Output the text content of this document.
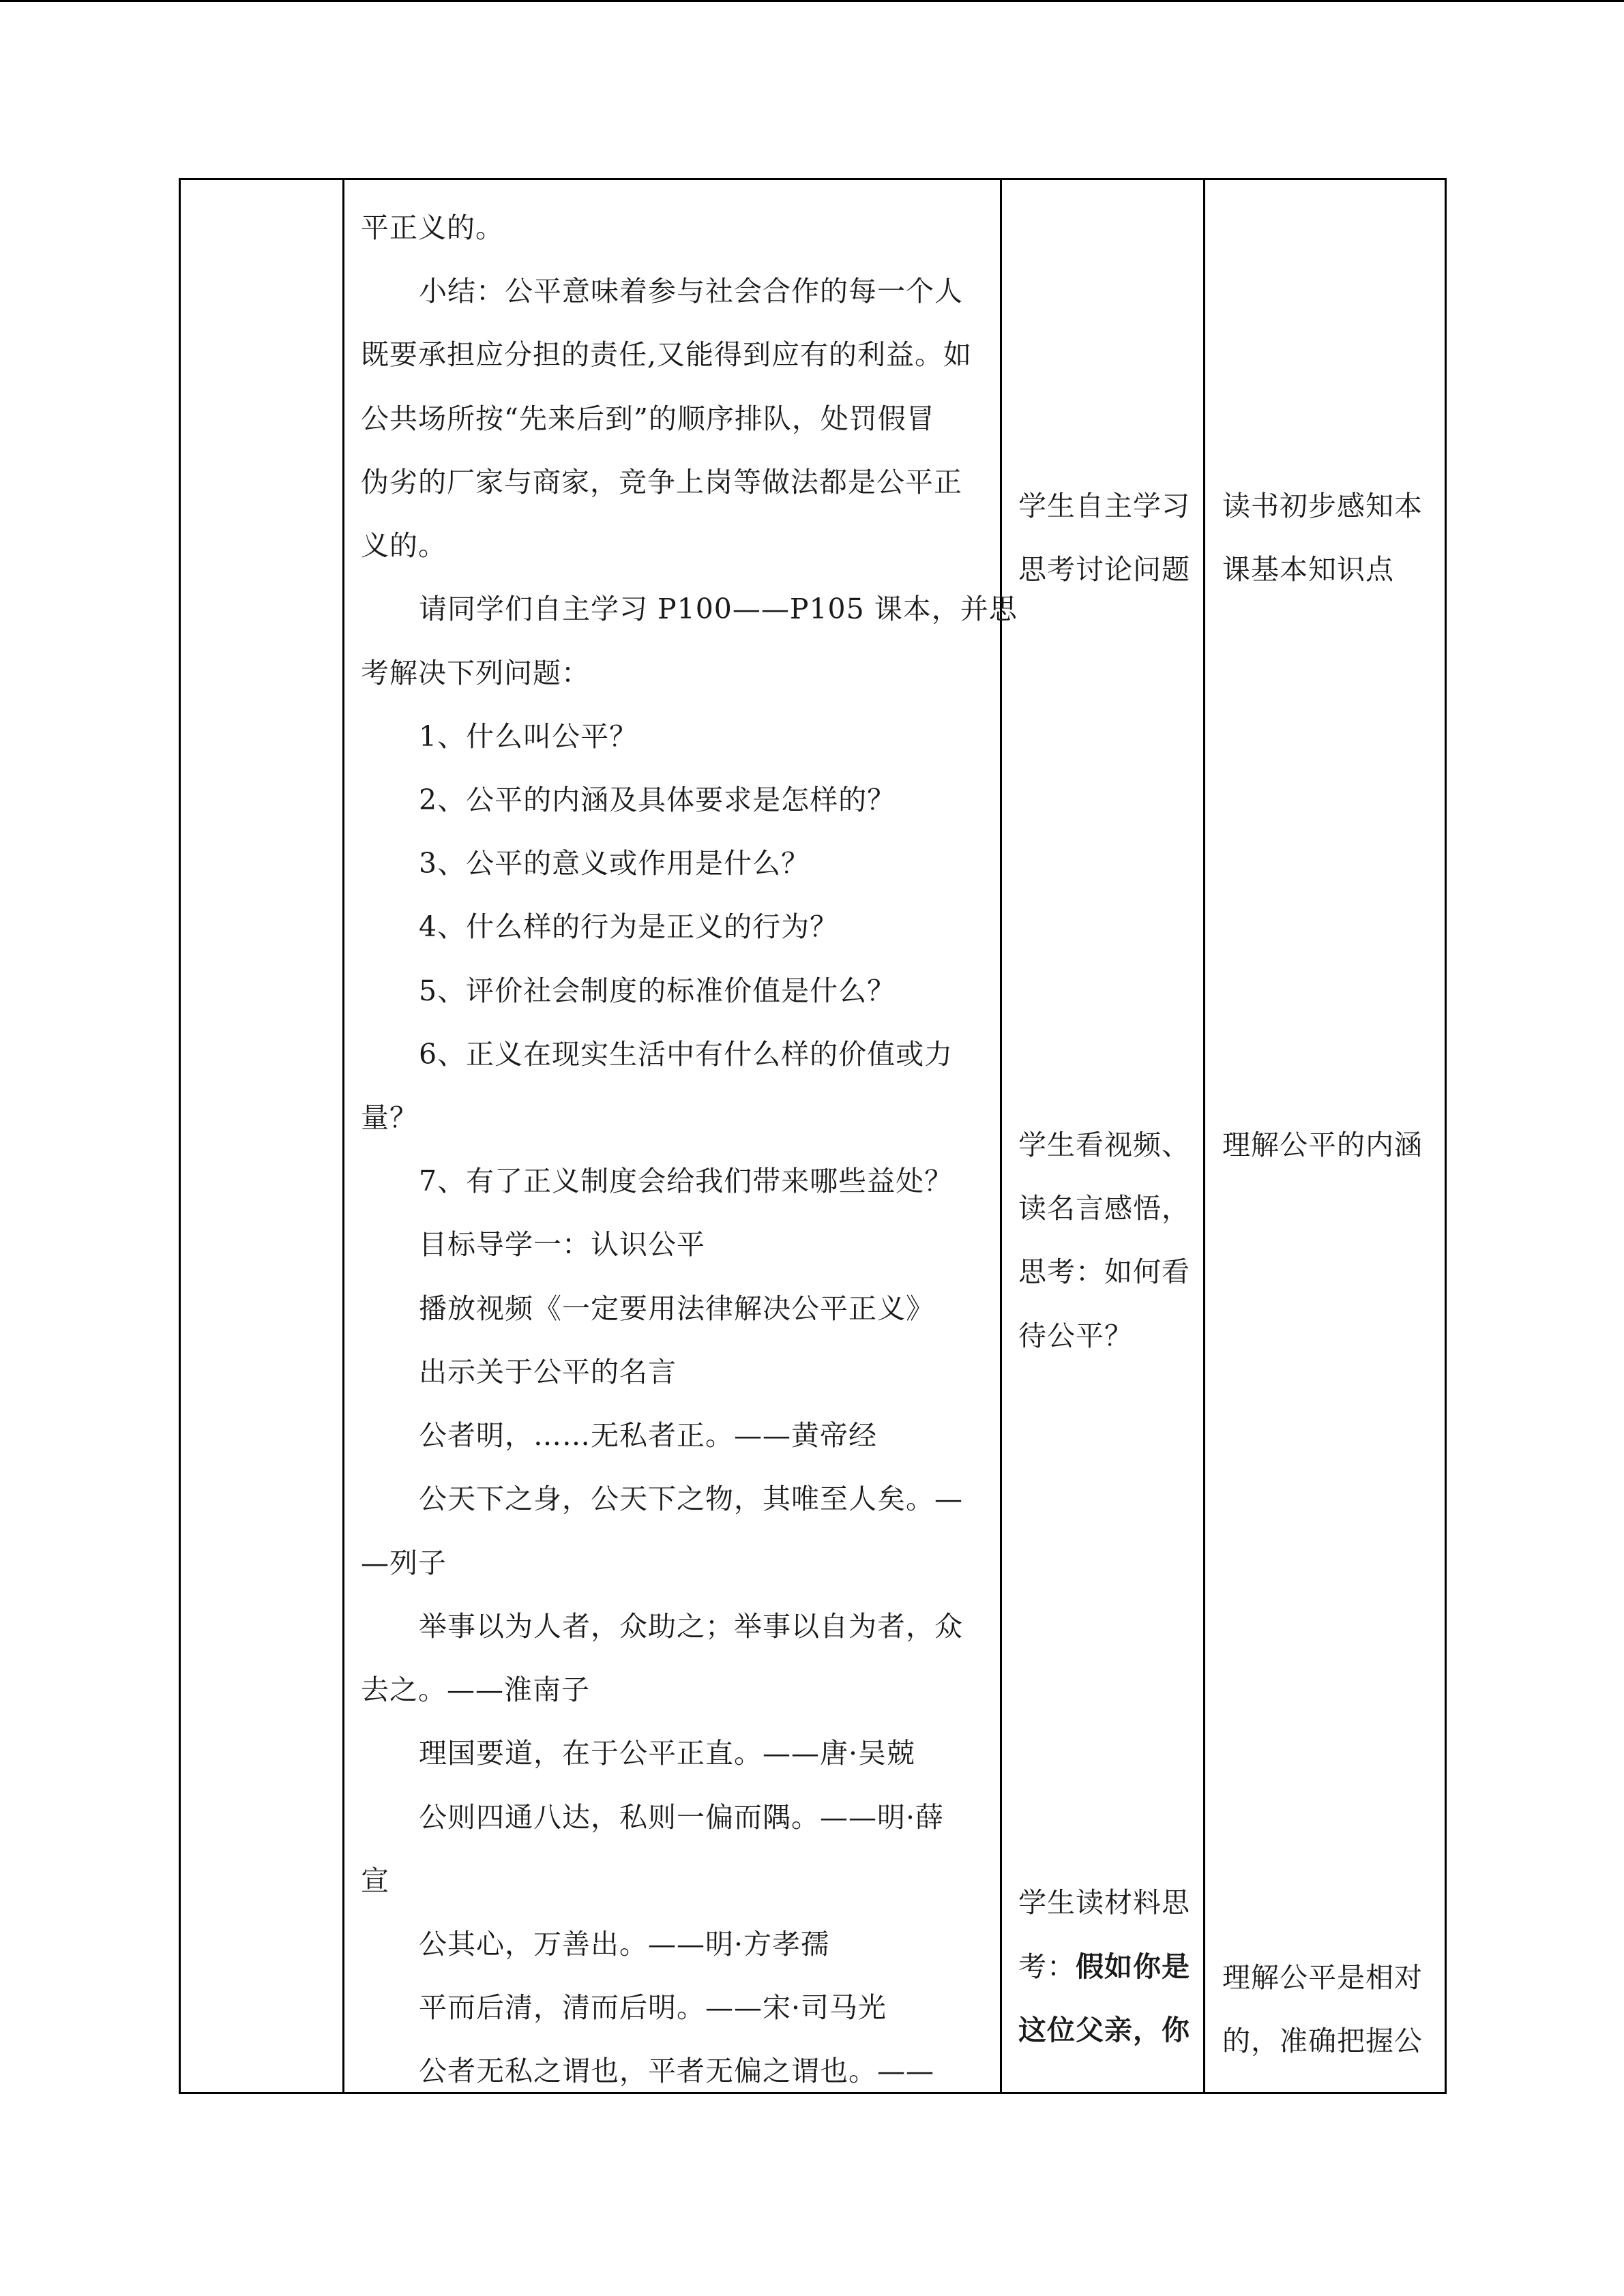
平正义的。
小结：公平意味着参与社会合作的每一个人
既要承担应分担的责任,又能得到应有的利益。如
公共场所按“先来后到”的顺序排队，处罚假冒
伪劣的厂家与商家，竞争上岗等做法都是公平正
义的。
请同学们自主学习 P100——P105 课本，并思
考解决下列问题：
1、什么叫公平？
2、公平的内涵及具体要求是怎样的？
3、公平的意义或作用是什么？
4、什么样的行为是正义的行为？
5、评价社会制度的标准价值是什么？
6、正义在现实生活中有什么样的价值或力
量？
7、有了正义制度会给我们带来哪些益处？
目标导学一：认识公平
播放视频《一定要用法律解决公平正义》
出示关于公平的名言
公者明，……无私者正。——黄帝经
公天下之身，公天下之物，其唯至人矣。—
—列子
举事以为人者，众助之；举事以自为者，众
去之。——淮南子
理国要道，在于公平正直。——唐·吴兢
公则四通八达，私则一偏而隅。——明·薛
宣
公其心，万善出。——明·方孝孺
平而后清，清而后明。——宋·司马光
公者无私之谓也，平者无偏之谓也。——
学生自主学习
思考讨论问题
学生看视频、
读名言感悟，
思考：如何看
待公平？
学生读材料思
考：假如你是
这位父亲，你
读书初步感知本
课基本知识点
理解公平的内涵
理解公平是相对
的，准确把握公
